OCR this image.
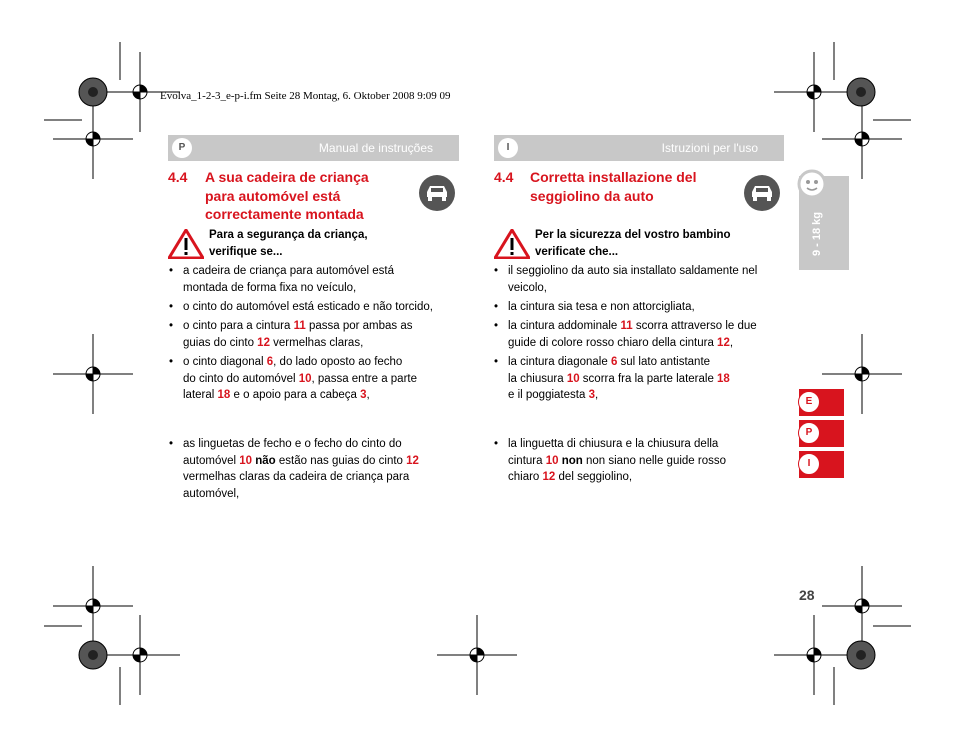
Evolva_1-2-3_e-p-i.fm Seite 28 Montag, 6. Oktober 2008 9:09 09
P	Manual de instruções
4.4 A sua cadeira de criança
para automóvel está
correctamente montada
Para a segurança da criança,
verifique se...
• a cadeira de criança para automóvel está
montada de forma fixa no veículo,
• o cinto do automóvel está esticado e não torcido,
• o cinto para a cintura 11 passa por ambas as
guias do cinto 12 vermelhas claras,
• o cinto diagonal 6, do lado oposto ao fecho
do cinto do automóvel 10, passa entre a parte
lateral 18 e o apoio para a cabeça 3,
• as linguetas de fecho e o fecho do cinto do
automóvel 10 não estão nas guias do cinto 12
vermelhas claras da cadeira de criança para
automóvel,
I	Istruzioni per l'uso
4.4 Corretta installazione del
seggiolino da auto
Per la sicurezza del vostro bambino
verificate che...
• il seggiolino da auto sia installato saldamente nel
veicolo,
• la cintura sia tesa e non attorcigliata,
• la cintura addominale 11 scorra attraverso le due
guide di colore rosso chiaro della cintura 12,
• la cintura diagonale 6 sul lato antistante
la chiusura 10 scorra fra la parte laterale 18
e il poggiatesta 3,
• la linguetta di chiusura e la chiusura della
cintura 10 non non siano nelle guide rosso
chiaro 12 del seggiolino,
9 - 18 kg
E
P
I
28
